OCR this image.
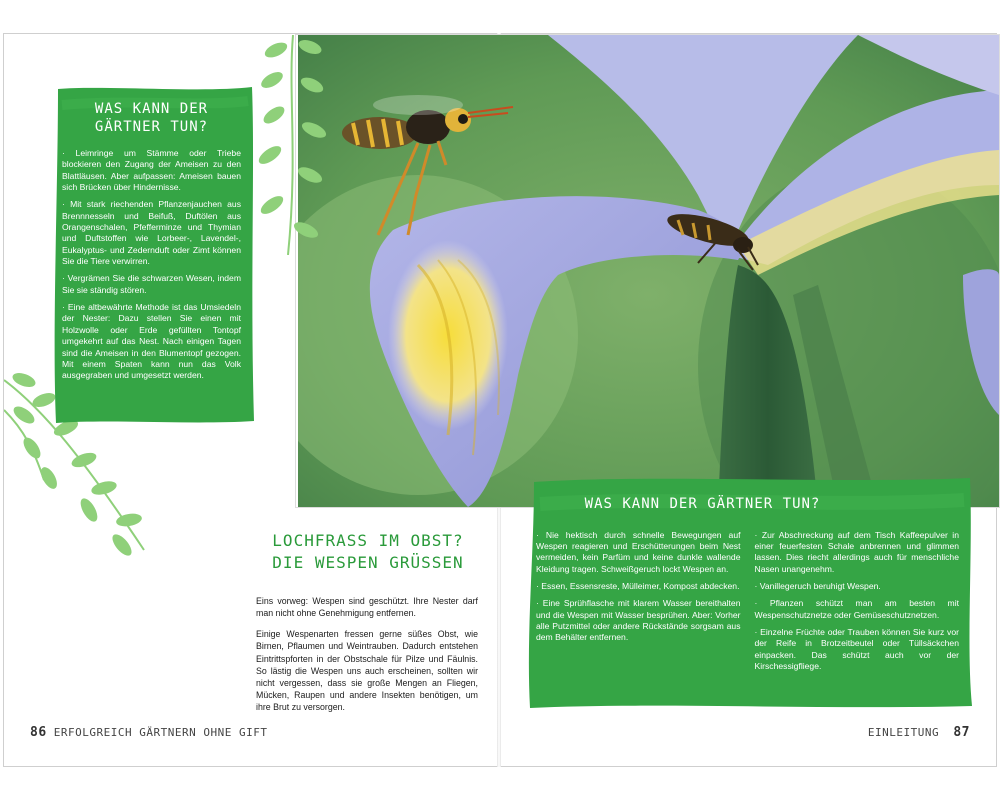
WAS KANN DER GÄRTNER TUN?

· Leimringe um Stämme oder Triebe blockieren den Zugang der Ameisen zu den Blattläusen. Aber aufpassen: Ameisen bauen sich Brücken über Hindernisse.

· Mit stark riechenden Pflanzenjauchen aus Brennnesseln und Beifuß, Duftölen aus Orangenschalen, Pfefferminze und Thymian und Duftstoffen wie Lorbeer-, Lavendel-, Eukalyptus- und Zedernduft oder Zimt können Sie die Tiere verwirren.

· Vergrämen Sie die schwarzen Wesen, indem Sie sie ständig stören.

· Eine altbewährte Methode ist das Umsiedeln der Nester: Dazu stellen Sie einen mit Holzwolle oder Erde gefüllten Tontopf umgekehrt auf das Nest. Nach einigen Tagen sind die Ameisen in den Blumentopf gezogen. Mit einem Spaten kann nun das Volk ausgegraben und umgesetzt werden.

LOCHFRASS IM OBST?
DIE WESPEN GRÜSSEN

Eins vorweg: Wespen sind geschützt. Ihre Nester darf man nicht ohne Genehmigung entfernen.

Einige Wespenarten fressen gerne süßes Obst, wie Birnen, Pflaumen und Weintrauben. Dadurch entstehen Eintrittspforten in der Obstschale für Pilze und Fäulnis. So lästig die Wespen uns auch erscheinen, sollten wir nicht vergessen, dass sie große Mengen an Fliegen, Mücken, Raupen und andere Insekten benötigen, um ihre Brut zu versorgen.

WAS KANN DER GÄRTNER TUN?

· Nie hektisch durch schnelle Bewegungen auf Wespen reagieren und Erschütterungen beim Nest vermeiden, kein Parfüm und keine dunkle wallende Kleidung tragen. Schweißgeruch lockt Wespen an.

· Essen, Essensreste, Mülleimer, Kompost abdecken.

· Eine Sprühflasche mit klarem Wasser bereithalten und die Wespen mit Wasser besprühen. Aber: Vorher alle Putzmittel oder andere Rückstände sorgsam aus dem Behälter entfernen.

· Zur Abschreckung auf dem Tisch Kaffeepulver in einer feuerfesten Schale anbrennen und glimmen lassen. Dies riecht allerdings auch für menschliche Nasen unangenehm.

· Vanillegeruch beruhigt Wespen.

· Pflanzen schützt man am besten mit Wespenschutznetze oder Gemüseschutznetzen.

· Einzelne Früchte oder Trauben können Sie kurz vor der Reife in Brotzeitbeutel oder Tüllsäckchen einpacken. Das schützt auch vor der Kirschessigfliege.

86 ERFOLGREICH GÄRTNERN OHNE GIFT	EINLEITUNG 87
